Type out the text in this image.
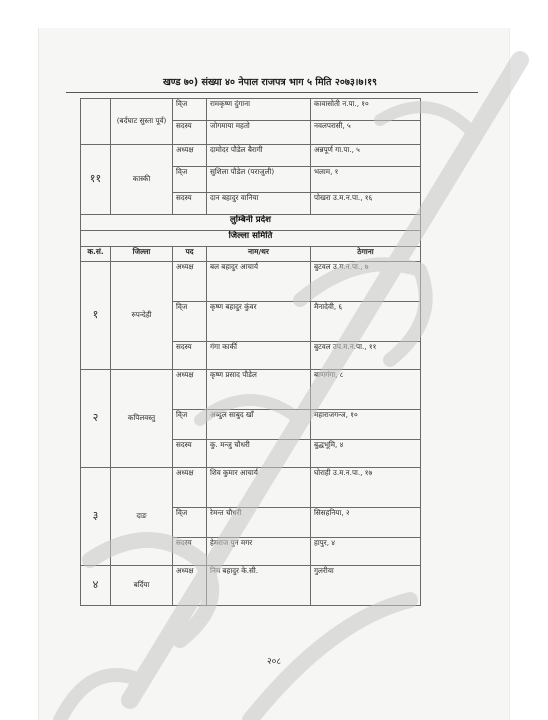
खण्ड ७०) संख्या ४० नेपाल राजपत्र भाग ५ मिति २०७३।७।१९
	(बर्दघाट सुस्ता पूर्व)	वि्ज	रामकृष्ण दुंगाना	कावासोती न.पा., १०
		सदस्य	जोगमाया महतो	नवलपरासी, ५
११	कास्की	अध्यक्ष	दामोदर पौडेल बैरागी	अन्नपूर्ण गा.पा., ५
		वि्ज	सुशिला पौडेल (पराजुली)	भलाम, १
		सदस्य	दान बहादुर वानिया	पोखरा उ.म.न.पा., १६
लुम्बिनी प्रदेश				
जिल्ला समिति				
क.सं.	जिल्ला	पद	नाम/थर	ठेगाना
१	रुपन्देही	अध्यक्ष	बल बहादुर आचार्य	बुटवल उ.म.न.पा., ७
		वि्ज	कृष्ण बहादुर कुंवर	मैनादेवी, ६
		सदस्य	गंगा कार्की	बुटवल उप.म.न.पा., ११
२	कपिलवस्तु	अध्यक्ष	कृष्ण प्रसाद पौडेल	बाणगंगा, ८
		वि्ज	अब्दुल साबुद खाँ	महाराजगन्ज, १०
		सदस्य	कु. मन्जु चौधरी	बुद्धभूमि, ४
३	दाङ	अध्यक्ष	शिव कुमार आचार्य	घोराही उ.म.न.पा., १७
		वि्ज	रेमन्त चौधरी	सिसहनिया, २
		सदस्य	हेमराज पुन मगर	हापुर, ४
४	बर्दिया	अध्यक्ष	निम बहादुर के.सी.	गुलरीया
२०८
